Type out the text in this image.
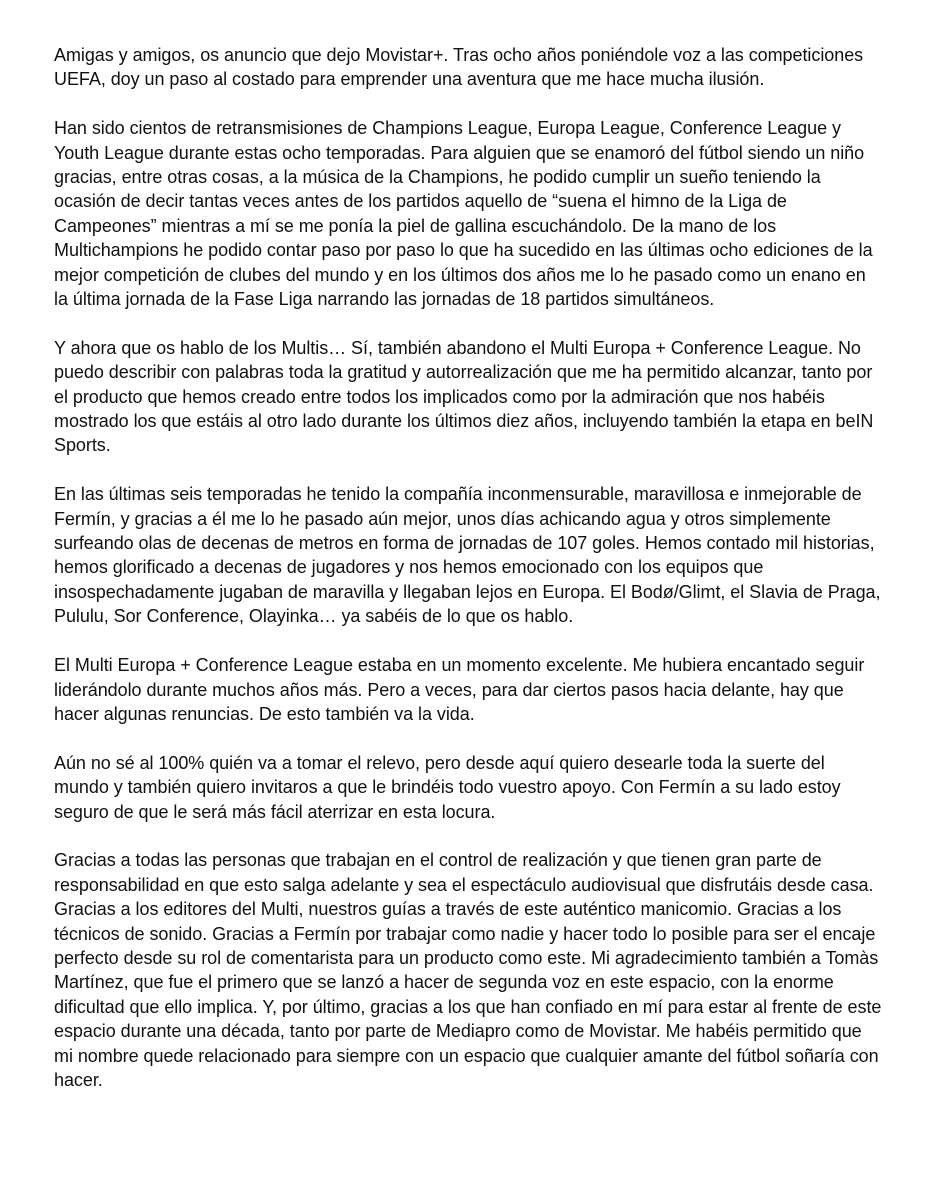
Amigas y amigos, os anuncio que dejo Movistar+. Tras ocho años poniéndole voz a las competiciones UEFA, doy un paso al costado para emprender una aventura que me hace mucha ilusión.

Han sido cientos de retransmisiones de Champions League, Europa League, Conference League y Youth League durante estas ocho temporadas. Para alguien que se enamoró del fútbol siendo un niño gracias, entre otras cosas, a la música de la Champions, he podido cumplir un sueño teniendo la ocasión de decir tantas veces antes de los partidos aquello de “suena el himno de la Liga de Campeones” mientras a mí se me ponía la piel de gallina escuchándolo. De la mano de los Multichampions he podido contar paso por paso lo que ha sucedido en las últimas ocho ediciones de la mejor competición de clubes del mundo y en los últimos dos años me lo he pasado como un enano en la última jornada de la Fase Liga narrando las jornadas de 18 partidos simultáneos.

Y ahora que os hablo de los Multis… Sí, también abandono el Multi Europa + Conference League. No puedo describir con palabras toda la gratitud y autorrealización que me ha permitido alcanzar, tanto por el producto que hemos creado entre todos los implicados como por la admiración que nos habéis mostrado los que estáis al otro lado durante los últimos diez años, incluyendo también la etapa en beIN Sports.

En las últimas seis temporadas he tenido la compañía inconmensurable, maravillosa e inmejorable de Fermín, y gracias a él me lo he pasado aún mejor, unos días achicando agua y otros simplemente surfeando olas de decenas de metros en forma de jornadas de 107 goles. Hemos contado mil historias, hemos glorificado a decenas de jugadores y nos hemos emocionado con los equipos que insospechadamente jugaban de maravilla y llegaban lejos en Europa. El Bodø/Glimt, el Slavia de Praga, Pululu, Sor Conference, Olayinka… ya sabéis de lo que os hablo.

El Multi Europa + Conference League estaba en un momento excelente. Me hubiera encantado seguir liderándolo durante muchos años más. Pero a veces, para dar ciertos pasos hacia delante, hay que hacer algunas renuncias. De esto también va la vida.

Aún no sé al 100% quién va a tomar el relevo, pero desde aquí quiero desearle toda la suerte del mundo y también quiero invitaros a que le brindéis todo vuestro apoyo. Con Fermín a su lado estoy seguro de que le será más fácil aterrizar en esta locura.

Gracias a todas las personas que trabajan en el control de realización y que tienen gran parte de responsabilidad en que esto salga adelante y sea el espectáculo audiovisual que disfrutáis desde casa. Gracias a los editores del Multi, nuestros guías a través de este auténtico manicomio. Gracias a los técnicos de sonido. Gracias a Fermín por trabajar como nadie y hacer todo lo posible para ser el encaje perfecto desde su rol de comentarista para un producto como este. Mi agradecimiento también a Tomàs Martínez, que fue el primero que se lanzó a hacer de segunda voz en este espacio, con la enorme dificultad que ello implica. Y, por último, gracias a los que han confiado en mí para estar al frente de este espacio durante una década, tanto por parte de Mediapro como de Movistar. Me habéis permitido que mi nombre quede relacionado para siempre con un espacio que cualquier amante del fútbol soñaría con hacer.
